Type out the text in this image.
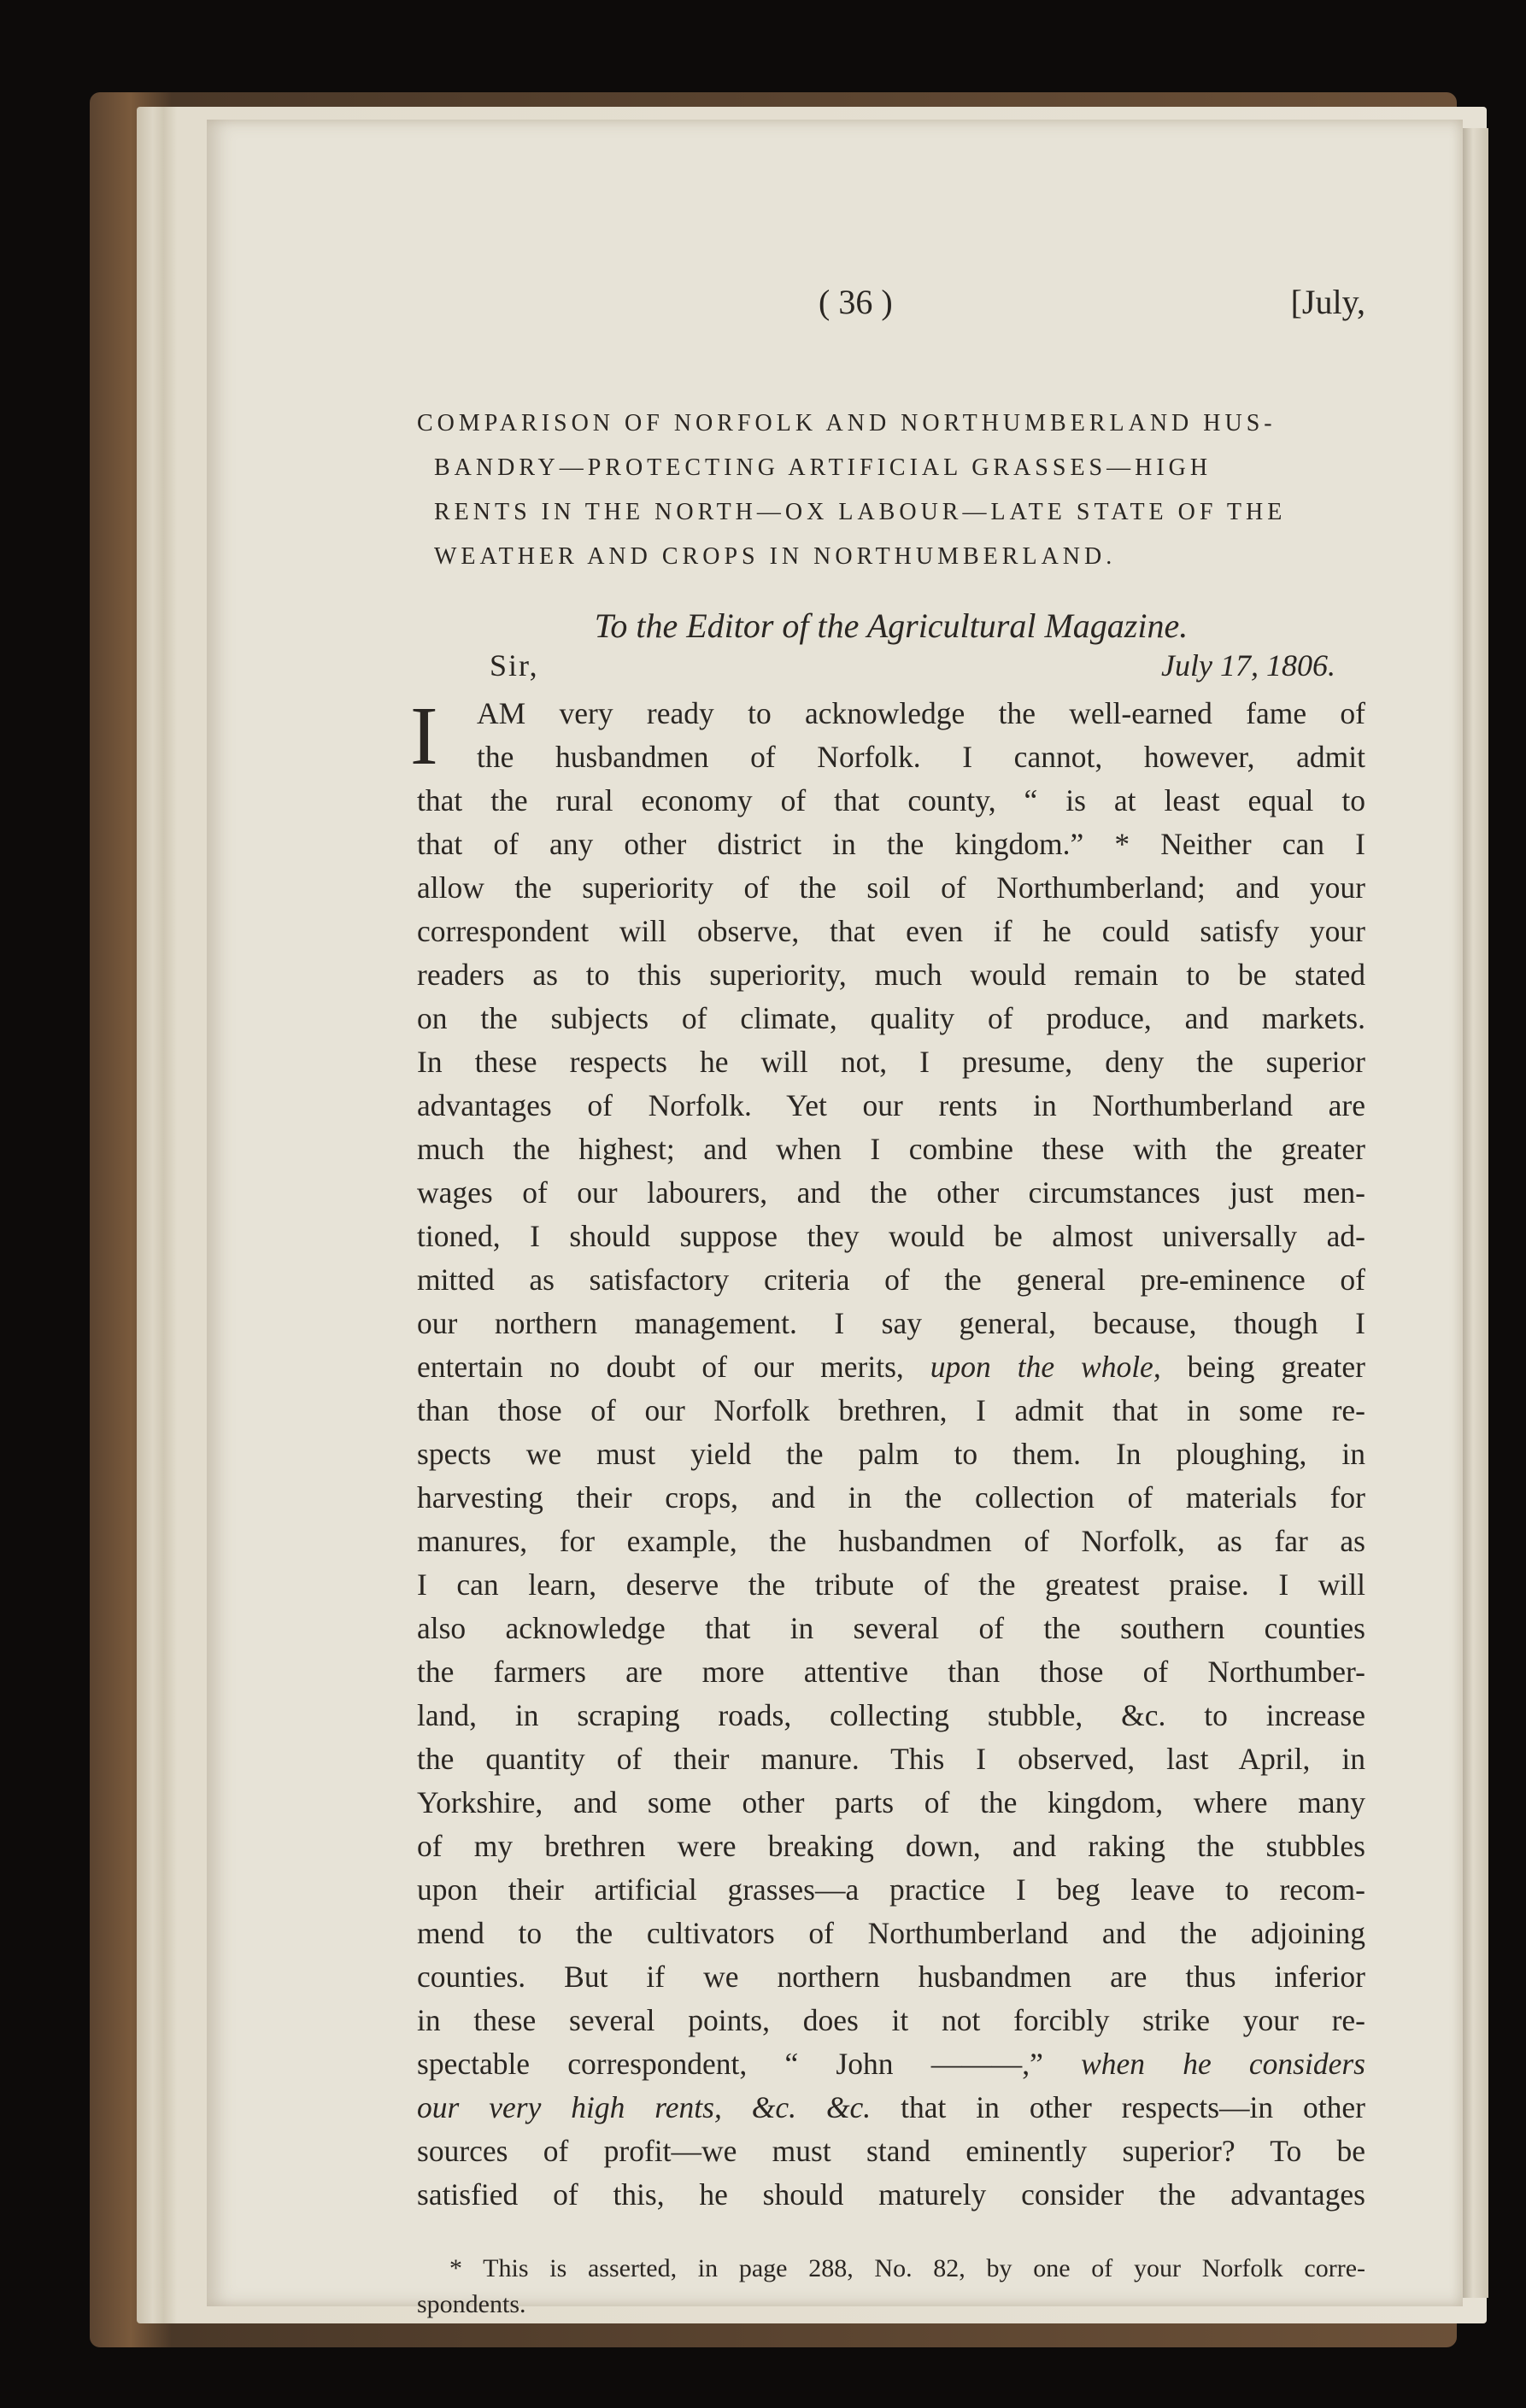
( 36 )	[July,
COMPARISON OF NORFOLK AND NORTHUMBERLAND HUS-
BANDRY—PROTECTING ARTIFICIAL GRASSES—HIGH
RENTS IN THE NORTH—OX LABOUR—LATE STATE OF THE
WEATHER AND CROPS IN NORTHUMBERLAND.
To the Editor of the Agricultural Magazine.
Sir,	July 17, 1806.
I	AM very ready to acknowledge the well-earned fame of
the husbandmen of Norfolk. I cannot, however, admit
that the rural economy of that county, “ is at least equal to
that of any other district in the kingdom.” * Neither can I
allow the superiority of the soil of Northumberland; and your
correspondent will observe, that even if he could satisfy your
readers as to this superiority, much would remain to be stated
on the subjects of climate, quality of produce, and markets.
In these respects he will not, I presume, deny the superior
advantages of Norfolk. Yet our rents in Northumberland are
much the highest; and when I combine these with the greater
wages of our labourers, and the other circumstances just men-
tioned, I should suppose they would be almost universally ad-
mitted as satisfactory criteria of the general pre-eminence of
our northern management. I say general, because, though I
entertain no doubt of our merits, upon the whole, being greater
than those of our Norfolk brethren, I admit that in some re-
spects we must yield the palm to them. In ploughing, in
harvesting their crops, and in the collection of materials for
manures, for example, the husbandmen of Norfolk, as far as
I can learn, deserve the tribute of the greatest praise. I will
also acknowledge that in several of the southern counties
the farmers are more attentive than those of Northumber-
land, in scraping roads, collecting stubble, &c. to increase
the quantity of their manure. This I observed, last April, in
Yorkshire, and some other parts of the kingdom, where many
of my brethren were breaking down, and raking the stubbles
upon their artificial grasses—a practice I beg leave to recom-
mend to the cultivators of Northumberland and the adjoining
counties. But if we northern husbandmen are thus inferior
in these several points, does it not forcibly strike your re-
spectable correspondent, “ John ———,” when he considers
our very high rents, &c. &c. that in other respects—in other
sources of profit—we must stand eminently superior? To be
satisfied of this, he should maturely consider the advantages
* This is asserted, in page 288, No. 82, by one of your Norfolk corre-
spondents.
